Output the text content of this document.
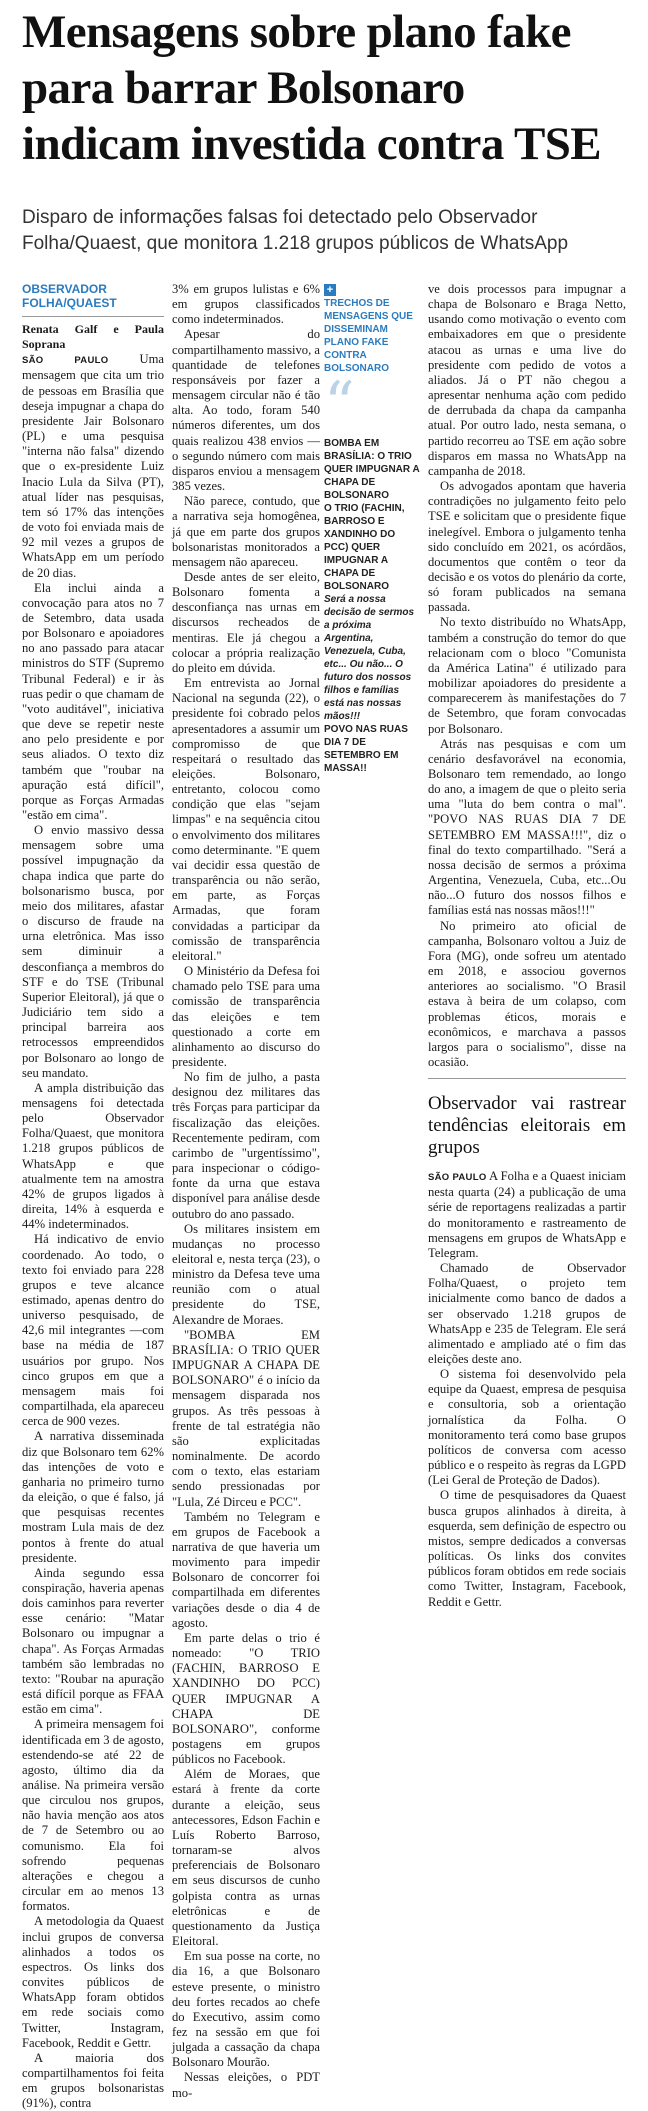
Mensagens sobre plano fake para barrar Bolsonaro indicam investida contra TSE

Disparo de informações falsas foi detectado pelo Observador Folha/Quaest, que monitora 1.218 grupos públicos de WhatsApp

OBSERVADOR FOLHA/QUAEST

Renata Galf e Paula Soprana

SÃO PAULO Uma mensagem que cita um trio de pessoas em Brasília que deseja impugnar a chapa do presidente Jair Bolsonaro (PL) e uma pesquisa "interna não falsa" dizendo que o ex-presidente Luiz Inacio Lula da Silva (PT), atual líder nas pesquisas, tem só 17% das intenções de voto foi enviada mais de 92 mil vezes a grupos de WhatsApp em um período de 20 dias.

Ela inclui ainda a convocação para atos no 7 de Setembro, data usada por Bolsonaro e apoiadores no ano passado para atacar ministros do STF (Supremo Tribunal Federal) e ir às ruas pedir o que chamam de "voto auditável", iniciativa que deve se repetir neste ano pelo presidente e por seus aliados. O texto diz também que "roubar na apuração está difícil", porque as Forças Armadas "estão em cima".

O envio massivo dessa mensagem sobre uma possível impugnação da chapa indica que parte do bolsonarismo busca, por meio dos militares, afastar o discurso de fraude na urna eletrônica. Mas isso sem diminuir a desconfiança a membros do STF e do TSE (Tribunal Superior Eleitoral), já que o Judiciário tem sido a principal barreira aos retrocessos empreendidos por Bolsonaro ao longo de seu mandato.

A ampla distribuição das mensagens foi detectada pelo Observador Folha/Quaest, que monitora 1.218 grupos públicos de WhatsApp e que atualmente tem na amostra 42% de grupos ligados à direita, 14% à esquerda e 44% indeterminados.

Há indicativo de envio coordenado. Ao todo, o texto foi enviado para 228 grupos e teve alcance estimado, apenas dentro do universo pesquisado, de 42,6 mil integrantes —com base na média de 187 usuários por grupo. Nos cinco grupos em que a mensagem mais foi compartilhada, ela apareceu cerca de 900 vezes.

A narrativa disseminada diz que Bolsonaro tem 62% das intenções de voto e ganharia no primeiro turno da eleição, o que é falso, já que pesquisas recentes mostram Lula mais de dez pontos à frente do atual presidente.

Ainda segundo essa conspiração, haveria apenas dois caminhos para reverter esse cenário: "Matar Bolsonaro ou impugnar a chapa". As Forças Armadas também são lembradas no texto: "Roubar na apuração está difícil porque as FFAA estão em cima".

A primeira mensagem foi identificada em 3 de agosto, estendendo-se até 22 de agosto, último dia da análise. Na primeira versão que circulou nos grupos, não havia menção aos atos de 7 de Setembro ou ao comunismo. Ela foi sofrendo pequenas alterações e chegou a circular em ao menos 13 formatos.

A metodologia da Quaest inclui grupos de conversa alinhados a todos os espectros. Os links dos convites públicos de WhatsApp foram obtidos em rede sociais como Twitter, Instagram, Facebook, Reddit e Gettr.

A maioria dos compartilhamentos foi feita em grupos bolsonaristas (91%), contra

3% em grupos lulistas e 6% em grupos classificados como indeterminados.

Apesar do compartilhamento massivo, a quantidade de telefones responsáveis por fazer a mensagem circular não é tão alta. Ao todo, foram 540 números diferentes, um dos quais realizou 438 envios —o segundo número com mais disparos enviou a mensagem 385 vezes.

Não parece, contudo, que a narrativa seja homogênea, já que em parte dos grupos bolsonaristas monitorados a mensagem não apareceu.

Desde antes de ser eleito, Bolsonaro fomenta a desconfiança nas urnas em discursos recheados de mentiras. Ele já chegou a colocar a própria realização do pleito em dúvida.

Em entrevista ao Jornal Nacional na segunda (22), o presidente foi cobrado pelos apresentadores a assumir um compromisso de que respeitará o resultado das eleições. Bolsonaro, entretanto, colocou como condição que elas "sejam limpas" e na sequência citou o envolvimento dos militares como determinante. "E quem vai decidir essa questão de transparência ou não serão, em parte, as Forças Armadas, que foram convidadas a participar da comissão de transparência eleitoral."

O Ministério da Defesa foi chamado pelo TSE para uma comissão de transparência das eleições e tem questionado a corte em alinhamento ao discurso do presidente.

No fim de julho, a pasta designou dez militares das três Forças para participar da fiscalização das eleições. Recentemente pediram, com carimbo de "urgentíssimo", para inspecionar o código-fonte da urna que estava disponível para análise desde outubro do ano passado.

Os militares insistem em mudanças no processo eleitoral e, nesta terça (23), o ministro da Defesa teve uma reunião com o atual presidente do TSE, Alexandre de Moraes.

"BOMBA EM BRASÍLIA: O TRIO QUER IMPUGNAR A CHAPA DE BOLSONARO" é o início da mensagem disparada nos grupos. As três pessoas à frente de tal estratégia não são explicitadas nominalmente. De acordo com o texto, elas estariam sendo pressionadas por "Lula, Zé Dirceu e PCC".

Também no Telegram e em grupos de Facebook a narrativa de que haveria um movimento para impedir Bolsonaro de concorrer foi compartilhada em diferentes variações desde o dia 4 de agosto.

Em parte delas o trio é nomeado: "O TRIO (FACHIN, BARROSO E XANDINHO DO PCC) QUER IMPUGNAR A CHAPA DE BOLSONARO", conforme postagens em grupos públicos no Facebook.

Além de Moraes, que estará à frente da corte durante a eleição, seus antecessores, Edson Fachin e Luís Roberto Barroso, tornaram-se alvos preferenciais de Bolsonaro em seus discursos de cunho golpista contra as urnas eletrônicas e de questionamento da Justiça Eleitoral.

Em sua posse na corte, no dia 16, a que Bolsonaro esteve presente, o ministro deu fortes recados ao chefe do Executivo, assim como fez na sessão em que foi julgada a cassação da chapa Bolsonaro Mourão.

Nessas eleições, o PDT mo-

+

TRECHOS DE MENSAGENS QUE DISSEMINAM PLANO FAKE CONTRA BOLSONARO

“

BOMBA EM BRASÍLIA: O TRIO QUER IMPUGNAR A CHAPA DE BOLSONARO

O TRIO (FACHIN, BARROSO E XANDINHO DO PCC) QUER IMPUGNAR A CHAPA DE BOLSONARO

Será a nossa decisão de sermos a próxima Argentina, Venezuela, Cuba, etc... Ou não... O futuro dos nossos filhos e famílias está nas nossas mãos!!!

POVO NAS RUAS DIA 7 DE SETEMBRO EM MASSA!!

ve dois processos para impugnar a chapa de Bolsonaro e Braga Netto, usando como motivação o evento com embaixadores em que o presidente atacou as urnas e uma live do presidente com pedido de votos a aliados. Já o PT não chegou a apresentar nenhuma ação com pedido de derrubada da chapa da campanha atual. Por outro lado, nesta semana, o partido recorreu ao TSE em ação sobre disparos em massa no WhatsApp na campanha de 2018.

Os advogados apontam que haveria contradições no julgamento feito pelo TSE e solicitam que o presidente fique inelegível. Embora o julgamento tenha sido concluído em 2021, os acórdãos, documentos que contêm o teor da decisão e os votos do plenário da corte, só foram publicados na semana passada.

No texto distribuído no WhatsApp, também a construção do temor do que relacionam com o bloco "Comunista da América Latina" é utilizado para mobilizar apoiadores do presidente a comparecerem às manifestações do 7 de Setembro, que foram convocadas por Bolsonaro.

Atrás nas pesquisas e com um cenário desfavorável na economia, Bolsonaro tem remendado, ao longo do ano, a imagem de que o pleito seria uma "luta do bem contra o mal". "POVO NAS RUAS DIA 7 DE SETEMBRO EM MASSA!!!", diz o final do texto compartilhado. "Será a nossa decisão de sermos a próxima Argentina, Venezuela, Cuba, etc...Ou não...O futuro dos nossos filhos e famílias está nas nossas mãos!!!"

No primeiro ato oficial de campanha, Bolsonaro voltou a Juiz de Fora (MG), onde sofreu um atentado em 2018, e associou governos anteriores ao socialismo. "O Brasil estava à beira de um colapso, com problemas éticos, morais e econômicos, e marchava a passos largos para o socialismo", disse na ocasião.

Observador vai rastrear tendências eleitorais em grupos

SÃO PAULO A Folha e a Quaest iniciam nesta quarta (24) a publicação de uma série de reportagens realizadas a partir do monitoramento e rastreamento de mensagens em grupos de WhatsApp e Telegram.

Chamado de Observador Folha/Quaest, o projeto tem inicialmente como banco de dados a ser observado 1.218 grupos de WhatsApp e 235 de Telegram. Ele será alimentado e ampliado até o fim das eleições deste ano.

O sistema foi desenvolvido pela equipe da Quaest, empresa de pesquisa e consultoria, sob a orientação jornalística da Folha. O monitoramento terá como base grupos políticos de conversa com acesso público e o respeito às regras da LGPD (Lei Geral de Proteção de Dados).

O time de pesquisadores da Quaest busca grupos alinhados à direita, à esquerda, sem definição de espectro ou mistos, sempre dedicados a conversas políticas. Os links dos convites públicos foram obtidos em rede sociais como Twitter, Instagram, Facebook, Reddit e Gettr.
